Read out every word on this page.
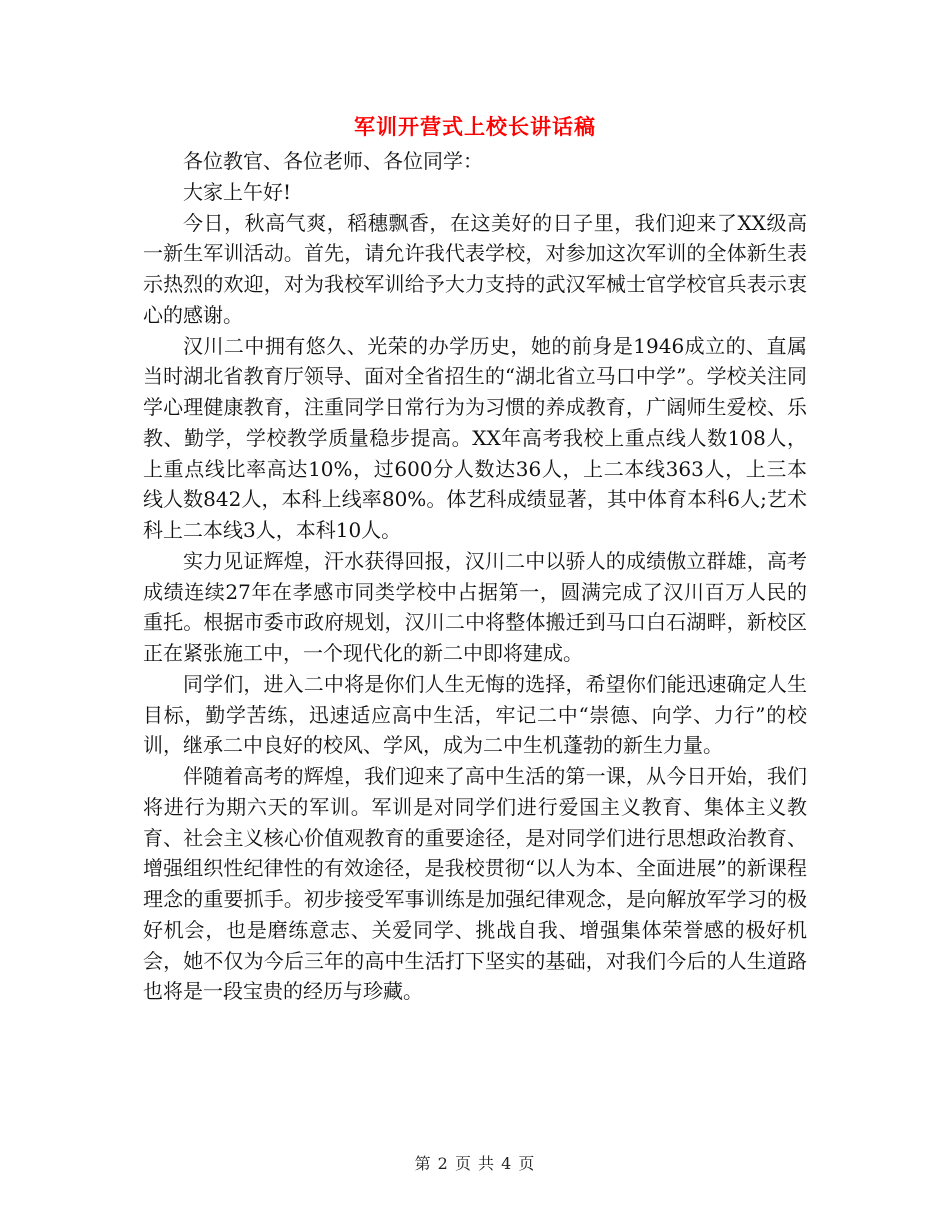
军训开营式上校长讲话稿

各位教官、各位老师、各位同学：

大家上午好!

今日，秋高气爽，稻穗飘香，在这美好的日子里，我们迎来了XX级高一新生军训活动。首先，请允许我代表学校，对参加这次军训的全体新生表示热烈的欢迎，对为我校军训给予大力支持的武汉军械士官学校官兵表示衷心的感谢。

汉川二中拥有悠久、光荣的办学历史，她的前身是1946成立的、直属当时湖北省教育厅领导、面对全省招生的“湖北省立马口中学”。学校关注同学心理健康教育，注重同学日常行为为习惯的养成教育，广阔师生爱校、乐教、勤学，学校教学质量稳步提高。XX年高考我校上重点线人数108人，上重点线比率高达10%，过600分人数达36人，上二本线363人，上三本线人数842人，本科上线率80%。体艺科成绩显著，其中体育本科6人;艺术科上二本线3人，本科10人。

实力见证辉煌，汗水获得回报，汉川二中以骄人的成绩傲立群雄，高考成绩连续27年在孝感市同类学校中占据第一，圆满完成了汉川百万人民的重托。根据市委市政府规划，汉川二中将整体搬迁到马口白石湖畔，新校区正在紧张施工中，一个现代化的新二中即将建成。

同学们，进入二中将是你们人生无悔的选择，希望你们能迅速确定人生目标，勤学苦练，迅速适应高中生活，牢记二中“崇德、向学、力行”的校训，继承二中良好的校风、学风，成为二中生机蓬勃的新生力量。

伴随着高考的辉煌，我们迎来了高中生活的第一课，从今日开始，我们将进行为期六天的军训。军训是对同学们进行爱国主义教育、集体主义教育、社会主义核心价值观教育的重要途径，是对同学们进行思想政治教育、增强组织性纪律性的有效途径，是我校贯彻“以人为本、全面进展”的新课程理念的重要抓手。初步接受军事训练是加强纪律观念，是向解放军学习的极好机会，也是磨练意志、关爱同学、挑战自我、增强集体荣誉感的极好机会，她不仅为今后三年的高中生活打下坚实的基础，对我们今后的人生道路也将是一段宝贵的经历与珍藏。

第 2 页 共 4 页
